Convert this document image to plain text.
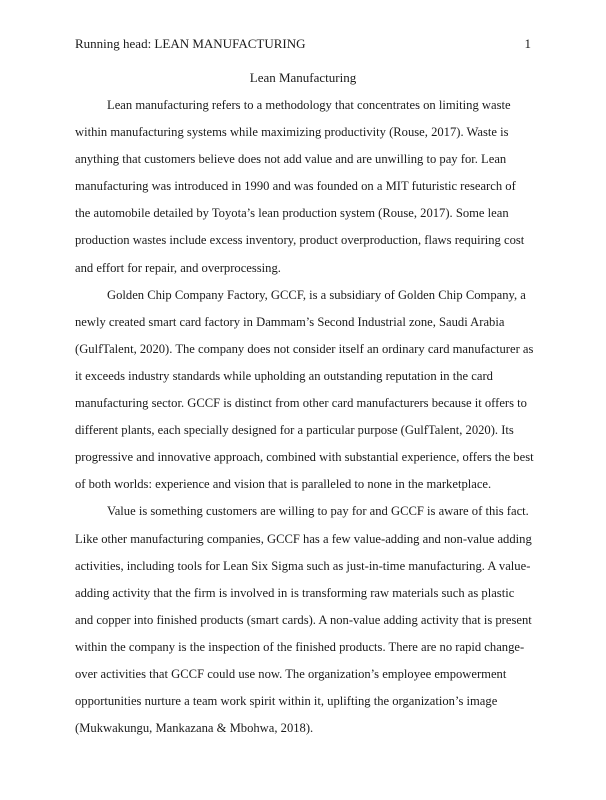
Running head: LEAN MANUFACTURING	1
Lean Manufacturing

Lean manufacturing refers to a methodology that concentrates on limiting waste within manufacturing systems while maximizing productivity (Rouse, 2017). Waste is anything that customers believe does not add value and are unwilling to pay for. Lean manufacturing was introduced in 1990 and was founded on a MIT futuristic research of the automobile detailed by Toyota’s lean production system (Rouse, 2017). Some lean production wastes include excess inventory, product overproduction, flaws requiring cost and effort for repair, and overprocessing.

Golden Chip Company Factory, GCCF, is a subsidiary of Golden Chip Company, a newly created smart card factory in Dammam’s Second Industrial zone, Saudi Arabia (GulfTalent, 2020). The company does not consider itself an ordinary card manufacturer as it exceeds industry standards while upholding an outstanding reputation in the card manufacturing sector. GCCF is distinct from other card manufacturers because it offers to different plants, each specially designed for a particular purpose (GulfTalent, 2020). Its progressive and innovative approach, combined with substantial experience, offers the best of both worlds: experience and vision that is paralleled to none in the marketplace.

Value is something customers are willing to pay for and GCCF is aware of this fact. Like other manufacturing companies, GCCF has a few value-adding and non-value adding activities, including tools for Lean Six Sigma such as just-in-time manufacturing. A value-adding activity that the firm is involved in is transforming raw materials such as plastic and copper into finished products (smart cards). A non-value adding activity that is present within the company is the inspection of the finished products. There are no rapid change-over activities that GCCF could use now. The organization’s employee empowerment opportunities nurture a team work spirit within it, uplifting the organization’s image (Mukwakungu, Mankazana & Mbohwa, 2018).
